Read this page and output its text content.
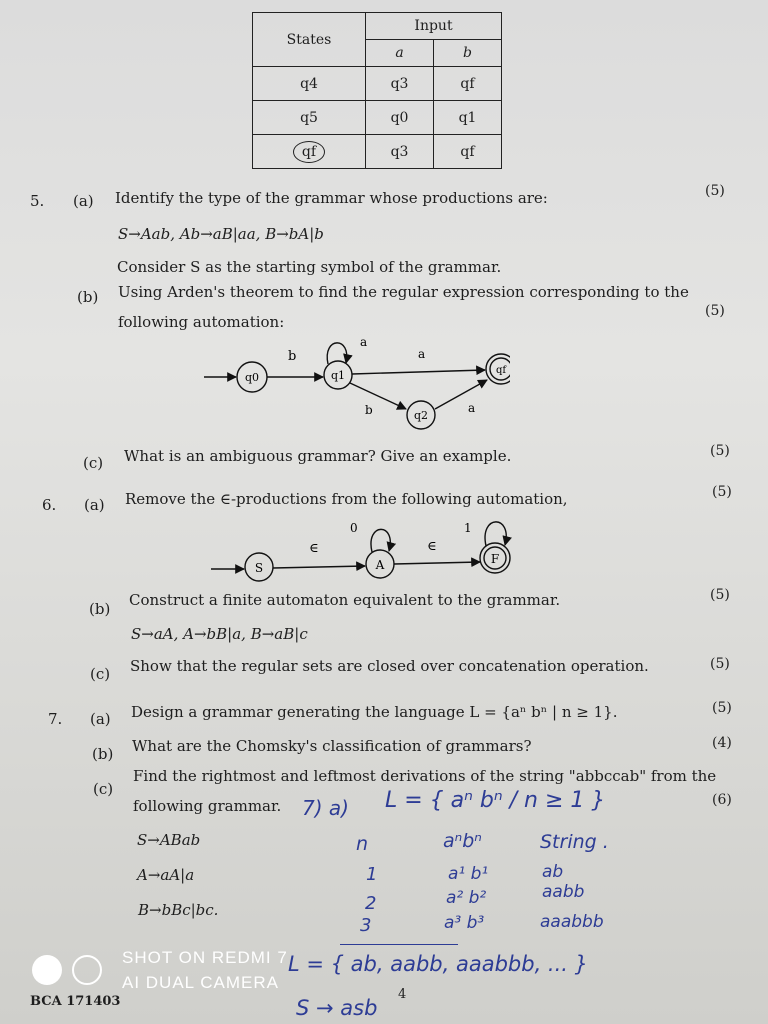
States	Input	
	a	b
q4	q3	qf
q5	q0	q1
qf	q3	qf
5. (a) Identify the type of the grammar whose productions are:	(5)
S→Aab, Ab→aB|aa, B→bA|b
Consider S as the starting symbol of the grammar.
(b) Using Arden's theorem to find the regular expression corresponding to the
following automation:
(5)
q0
b
q1
a
a
qf
b	q2
a
(c) What is an ambiguous grammar? Give an example.	(5)
6. (a) Remove the ∈-productions from the following automation,	(5)
S
∈
A
0
∈
F
1
(b) Construct a finite automaton equivalent to the grammar.	(5)
S→aA, A→bB|a, B→aB|c
(c) Show that the regular sets are closed over concatenation operation.	(5)
7. (a) Design a grammar generating the language L = {aⁿ bⁿ | n ≥ 1}.	(5)
(b) What are the Chomsky's classification of grammars?	(4)
(c)
Find the rightmost and leftmost derivations of the string "abbccab" from the
following grammar.	(6)
S→ABab
A→aA|a
B→bBc|bc.
7) a) L = { aⁿ bⁿ / n ≥ 1 }
n	aⁿbⁿ	String .
1	a¹ b¹	ab
2	a² b²	aabb
3	a³ b³	aaabbb
L = { ab, aabb, aaabbb, ... }
S → asb
4
BCA 171403
SHOT ON REDMI 7
AI DUAL CAMERA
